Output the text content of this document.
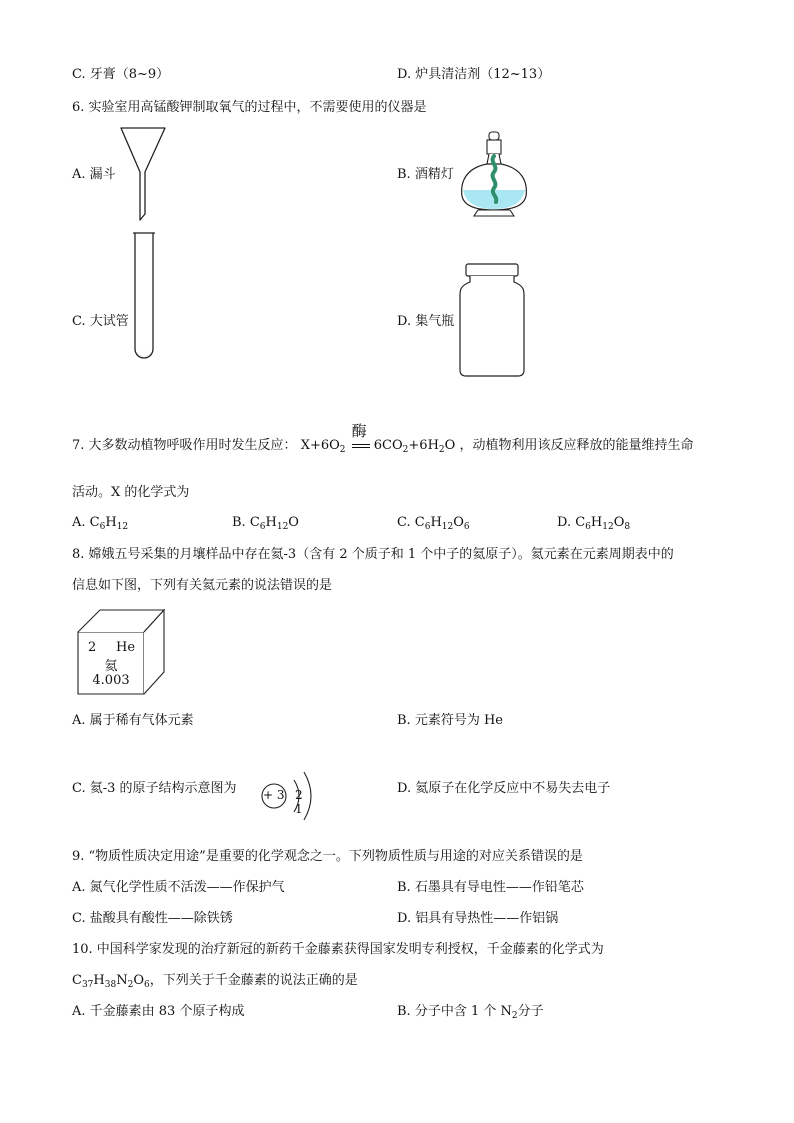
C. 牙膏（8~9）	D. 炉具清洁剂（12~13）
6. 实验室用高锰酸钾制取氧气的过程中，不需要使用的仪器是
A. 漏斗	B. 酒精灯
C. 大试管	D. 集气瓶
7. 大多数动植物呼吸作用时发生反应： $X+6O_2$
酶
$6CO_2+6H_2O$ ，动植物利用该反应释放的能量维持生命
活动。X 的化学式为
A. $C_6H_{12}$	B. $C_6H_{12}O$	C. $C_6H_{12}O_6$	D. $C_6H_{12}O_8$
8. 嫦娥五号采集的月壤样品中存在氦-3（含有 2 个质子和 1 个中子的氦原子）。氦元素在元素周期表中的
信息如下图，下列有关氦元素的说法错误的是
2 He
氦
4.003
A. 属于稀有气体元素	B. 元素符号为 He
C. 氦-3 的原子结构示意图为	D. 氦原子在化学反应中不易失去电子
+ 3 2 1
9. “物质性质决定用途”是重要的化学观念之一。下列物质性质与用途的对应关系错误的是
A. 氮气化学性质不活泼——作保护气	B. 石墨具有导电性——作铅笔芯
C. 盐酸具有酸性——除铁锈	D. 铝具有导热性——作铝锅
10. 中国科学家发现的治疗新冠的新药千金藤素获得国家发明专利授权，千金藤素的化学式为
$C_{37}H_{38}N_2O_6$，下列关于千金藤素的说法正确的是
A. 千金藤素由 83 个原子构成	B. 分子中含 1 个 $N_2$分子
